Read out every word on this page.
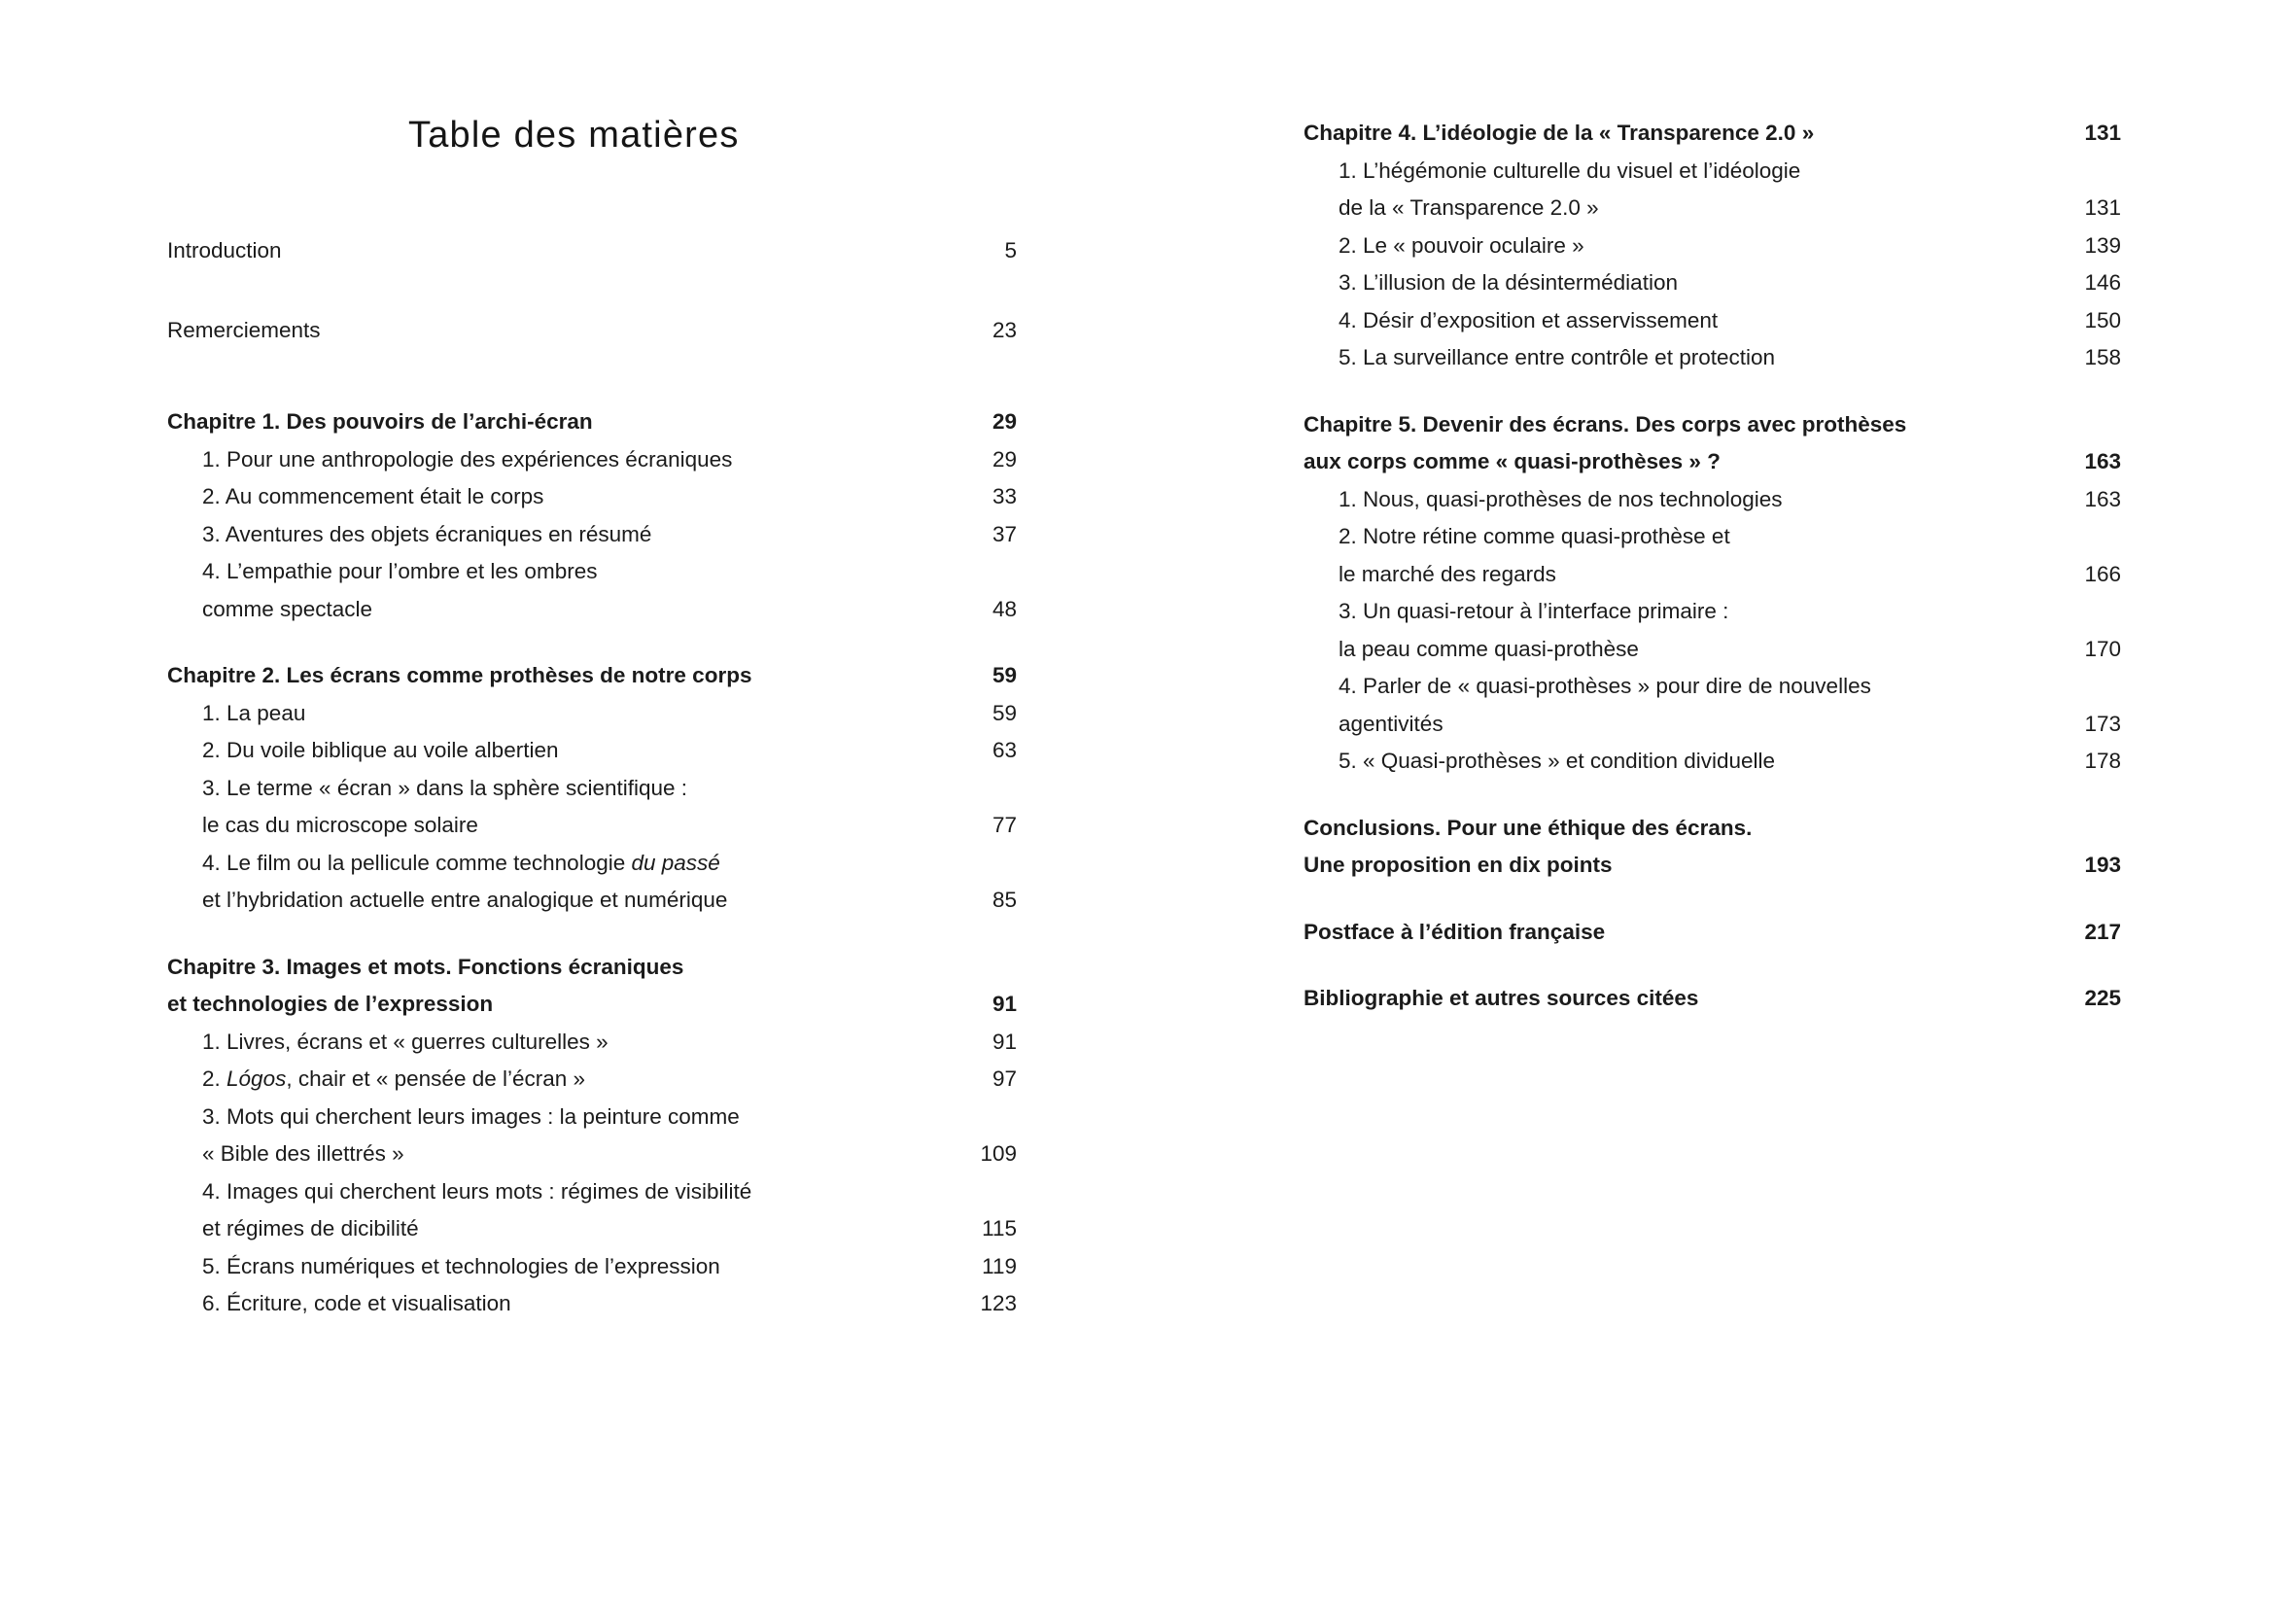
Table des matières
Introduction	5
Remerciements	23
Chapitre 1. Des pouvoirs de l’archi-écran	29
1. Pour une anthropologie des expériences écraniques	29
2. Au commencement était le corps	33
3. Aventures des objets écraniques en résumé	37
4. L’empathie pour l’ombre et les ombres
comme spectacle	48
Chapitre 2. Les écrans comme prothèses de notre corps	59
1. La peau	59
2. Du voile biblique au voile albertien	63
3. Le terme « écran » dans la sphère scientifique :
le cas du microscope solaire	77
4. Le film ou la pellicule comme technologie du passé
et l’hybridation actuelle entre analogique et numérique	85
Chapitre 3. Images et mots. Fonctions écraniques
et technologies de l’expression	91
1. Livres, écrans et « guerres culturelles »	91
2. Lógos, chair et « pensée de l’écran »	97
3. Mots qui cherchent leurs images : la peinture comme
« Bible des illettrés »	109
4. Images qui cherchent leurs mots : régimes de visibilité
et régimes de dicibilité	115
5. Écrans numériques et technologies de l’expression	119
6. Écriture, code et visualisation	123
Chapitre 4. L’idéologie de la « Transparence 2.0 »	131
1. L’hégémonie culturelle du visuel et l’idéologie
de la « Transparence 2.0 »	131
2. Le « pouvoir oculaire »	139
3. L’illusion de la désintermédiation	146
4. Désir d’exposition et asservissement	150
5. La surveillance entre contrôle et protection	158
Chapitre 5. Devenir des écrans. Des corps avec prothèses
aux corps comme « quasi-prothèses » ?	163
1. Nous, quasi-prothèses de nos technologies	163
2. Notre rétine comme quasi-prothèse et
le marché des regards	166
3. Un quasi-retour à l’interface primaire :
la peau comme quasi-prothèse	170
4. Parler de « quasi-prothèses » pour dire de nouvelles
agentivités	173
5. « Quasi-prothèses » et condition dividuelle	178
Conclusions. Pour une éthique des écrans.
Une proposition en dix points	193
Postface à l’édition française	217
Bibliographie et autres sources citées	225
